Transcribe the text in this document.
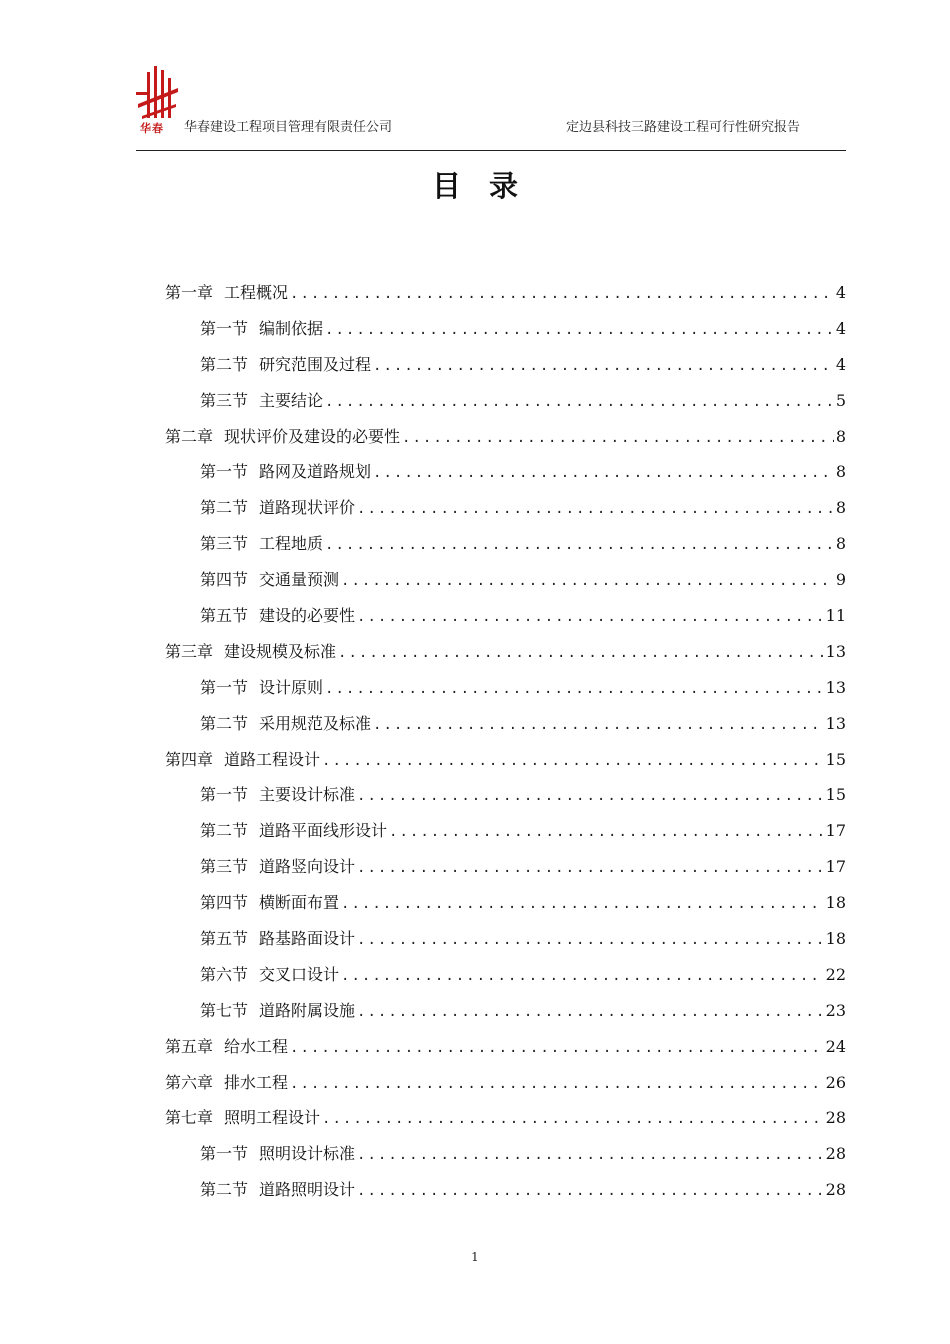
华春 华春建设工程项目管理有限责任公司	定边县科技三路建设工程可行性研究报告
目录
第一章 工程概况 .....	4
第一节 编制依据 .....	4
第二节 研究范围及过程 .....	4
第三节 主要结论 .....	5
第二章 现状评价及建设的必要性 .....	8
第一节 路网及道路规划 .....	8
第二节 道路现状评价 .....	8
第三节 工程地质 .....	8
第四节 交通量预测 .....	9
第五节 建设的必要性 .....	11
第三章 建设规模及标准 .....	13
第一节 设计原则 .....	13
第二节 采用规范及标准 .....	13
第四章 道路工程设计 .....	15
第一节 主要设计标准 .....	15
第二节 道路平面线形设计 .....	17
第三节 道路竖向设计 .....	17
第四节 横断面布置 .....	18
第五节 路基路面设计 .....	18
第六节 交叉口设计 .....	22
第七节 道路附属设施 .....	23
第五章 给水工程 .....	24
第六章 排水工程 .....	26
第七章 照明工程设计 .....	28
第一节 照明设计标准 .....	28
第二节 道路照明设计 .....	28
1
